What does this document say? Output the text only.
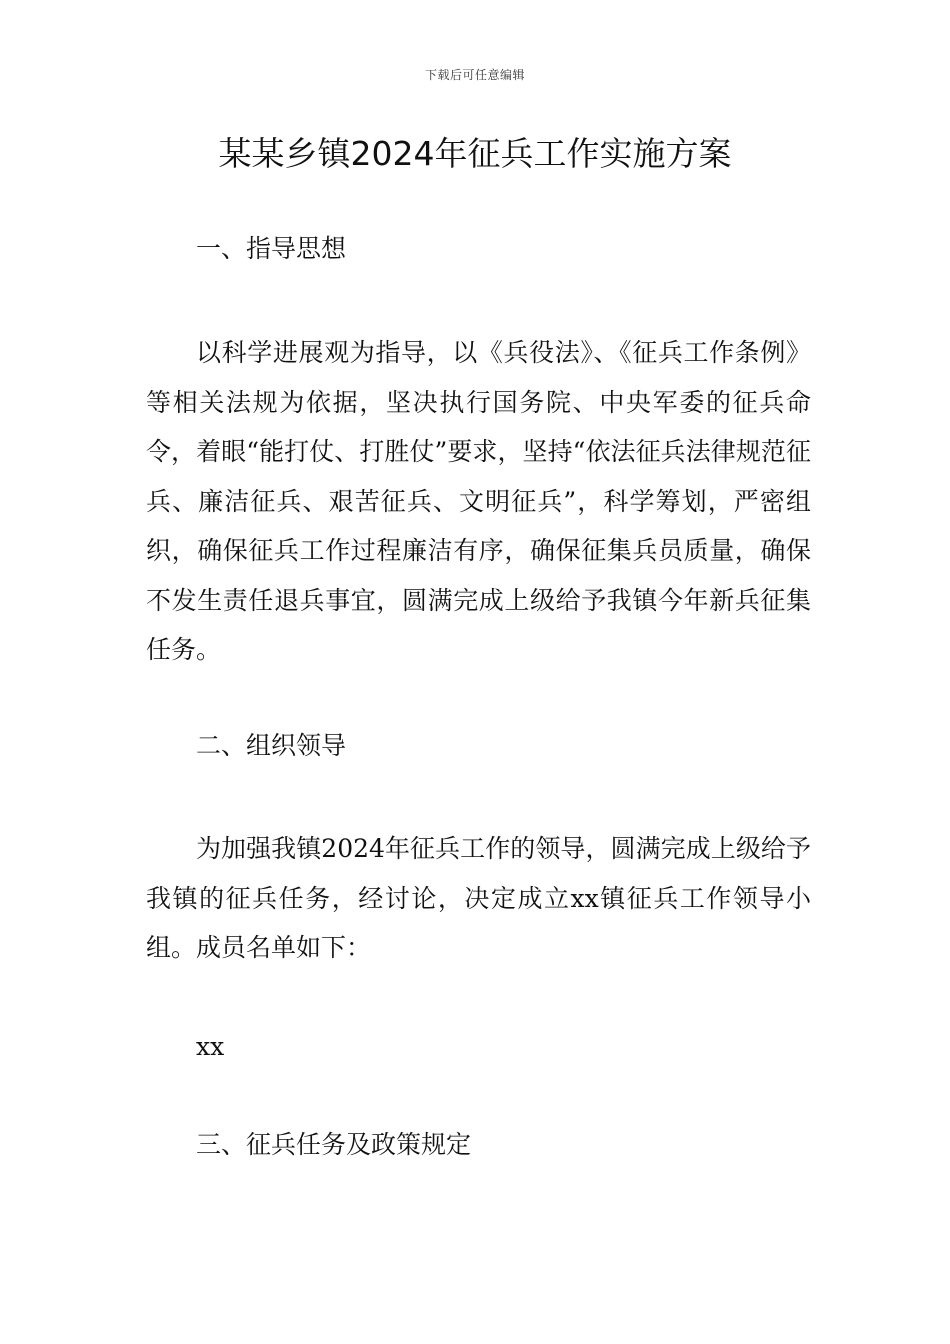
下载后可任意编辑
某某乡镇2024年征兵工作实施方案
一、指导思想

以科学进展观为指导，以《兵役法》、《征兵工作条例》等相关法规为依据，坚决执行国务院、中央军委的征兵命令，着眼“能打仗、打胜仗”要求，坚持“依法征兵法律规范征兵、廉洁征兵、艰苦征兵、文明征兵”，科学筹划，严密组织，确保征兵工作过程廉洁有序，确保征集兵员质量，确保不发生责任退兵事宜，圆满完成上级给予我镇今年新兵征集任务。

二、组织领导

为加强我镇2024年征兵工作的领导，圆满完成上级给予我镇的征兵任务，经讨论，决定成立xx镇征兵工作领导小组。成员名单如下：

xx

三、征兵任务及政策规定
